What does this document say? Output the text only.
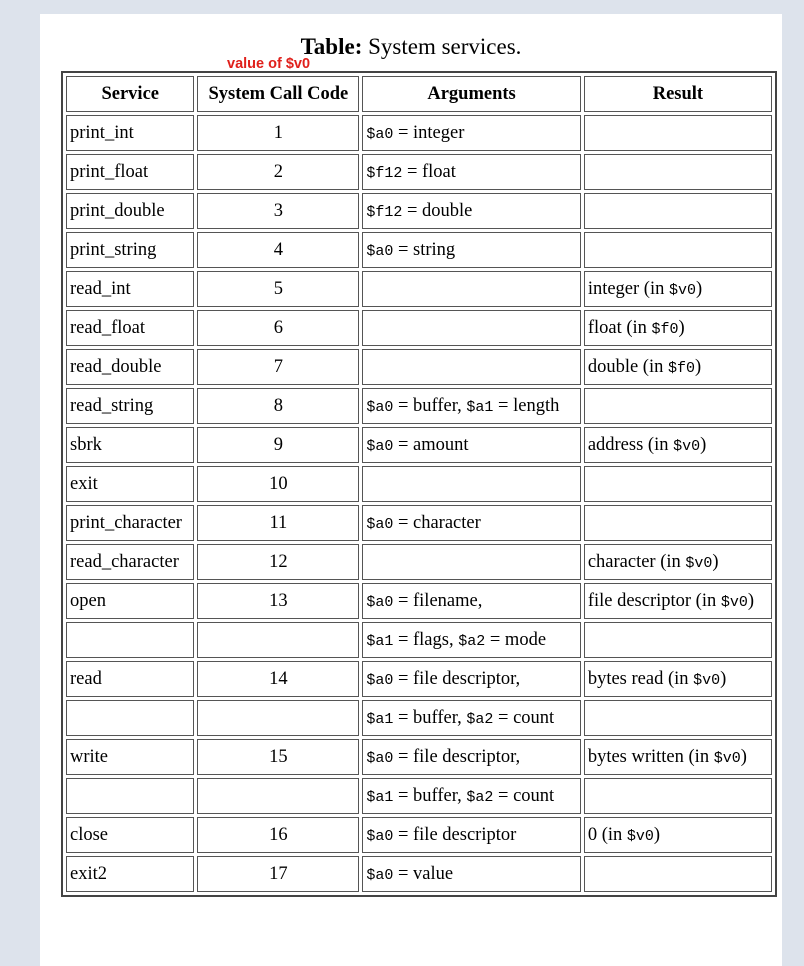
Table: System services.
value of $v0
Service	System Call Code	Arguments	Result
print_int	1	$a0 = integer	
print_float	2	$f12 = float	
print_double	3	$f12 = double	
print_string	4	$a0 = string	
read_int	5		integer (in $v0)
read_float	6		float (in $f0)
read_double	7		double (in $f0)
read_string	8	$a0 = buffer, $a1 = length	
sbrk	9	$a0 = amount	address (in $v0)
exit	10		
print_character	11	$a0 = character	
read_character	12		character (in $v0)
open	13	$a0 = filename,	file descriptor (in $v0)
		$a1 = flags, $a2 = mode	
read	14	$a0 = file descriptor,	bytes read (in $v0)
		$a1 = buffer, $a2 = count	
write	15	$a0 = file descriptor,	bytes written (in $v0)
		$a1 = buffer, $a2 = count	
close	16	$a0 = file descriptor	0 (in $v0)
exit2	17	$a0 = value	
